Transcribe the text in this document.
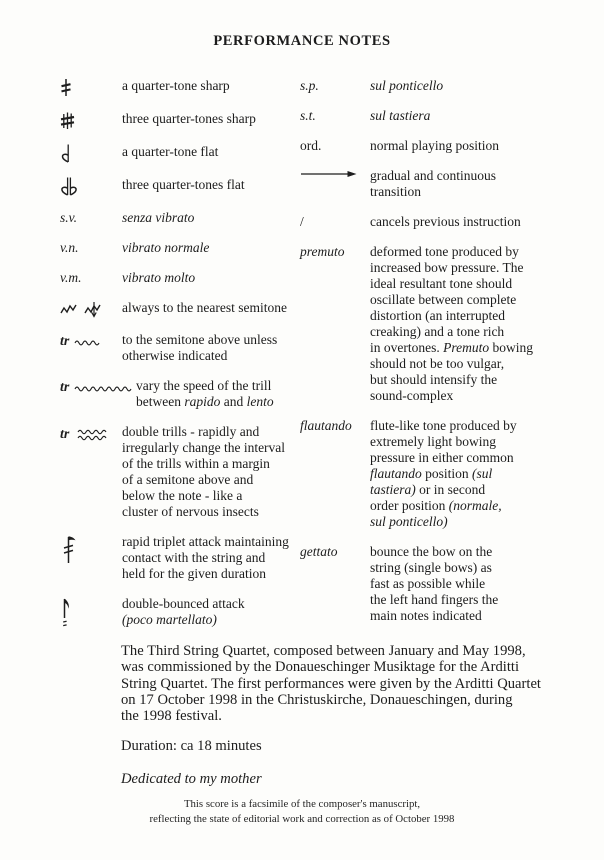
PERFORMANCE NOTES
a quarter-tone sharp
three quarter-tones sharp
a quarter-tone flat
three quarter-tones flat
s.v.	senza vibrato
v.n.	vibrato normale
v.m.	vibrato molto
always to the nearest semitone
tr	to the semitone above unless
otherwise indicated
tr	vary the speed of the trill
between rapido and lento
tr	double trills - rapidly and
irregularly change the interval
of the trills within a margin
of a semitone above and
below the note - like a
cluster of nervous insects
rapid triplet attack maintaining
contact with the string and
held for the given duration
double-bounced attack
(poco martellato)
s.p.	sul ponticello
s.t.	sul tastiera
ord.	normal playing position
gradual and continuous
transition
/	cancels previous instruction
premuto	deformed tone produced by
increased bow pressure. The
ideal resultant tone should
oscillate between complete
distortion (an interrupted
creaking) and a tone rich
in overtones. Premuto bowing
should not be too vulgar,
but should intensify the
sound-complex
flautando	flute-like tone produced by
extremely light bowing
pressure in either common
flautando position (sul
tastiera) or in second
order position (normale,
sul ponticello)
gettato	bounce the bow on the
string (single bows) as
fast as possible while
the left hand fingers the
main notes indicated
The Third String Quartet, composed between January and May 1998,
was commissioned by the Donaueschinger Musiktage for the Arditti
String Quartet. The first performances were given by the Arditti Quartet
on 17 October 1998 in the Christuskirche, Donaueschingen, during
the 1998 festival.
Duration: ca 18 minutes
Dedicated to my mother
This score is a facsimile of the composer's manuscript,
reflecting the state of editorial work and correction as of October 1998
